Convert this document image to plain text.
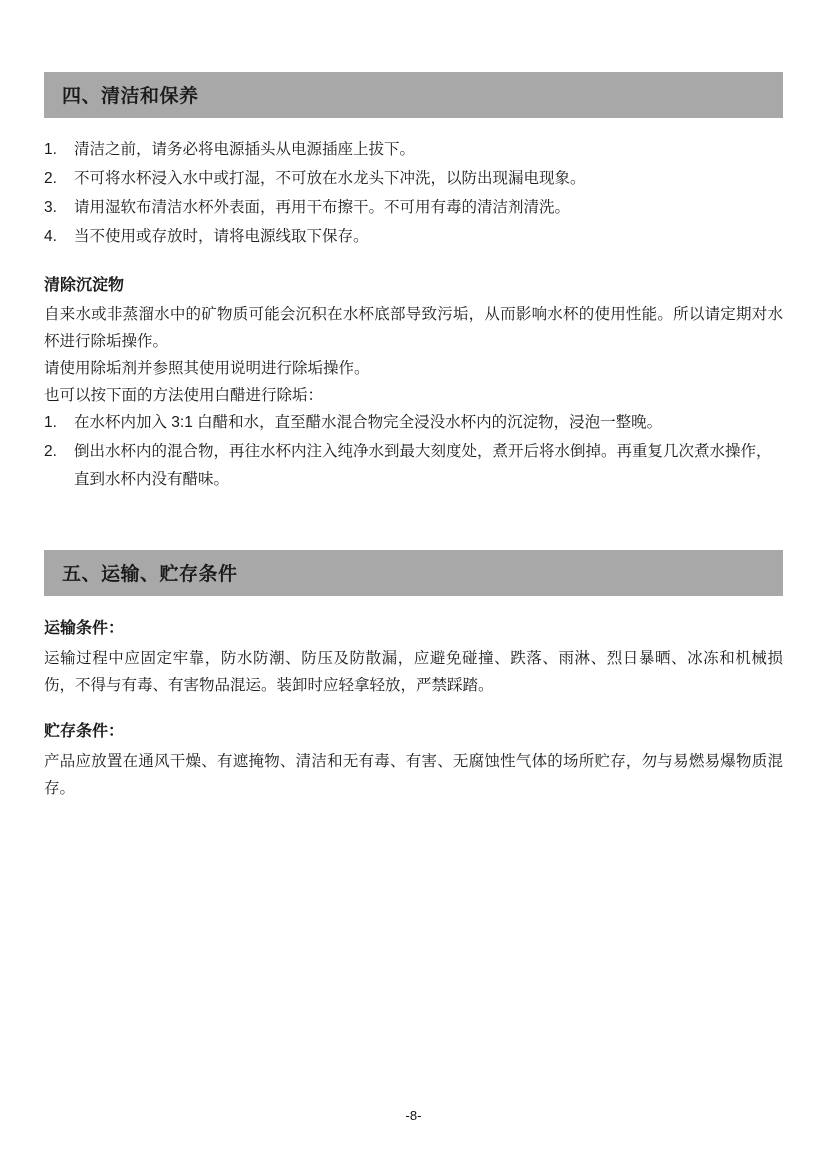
四、清洁和保养
1.	清洁之前，请务必将电源插头从电源插座上拔下。
2.	不可将水杯浸入水中或打湿，不可放在水龙头下冲洗，以防出现漏电现象。
3.	请用湿软布清洁水杯外表面，再用干布擦干。不可用有毒的清洁剂清洗。
4.	当不使用或存放时，请将电源线取下保存。
清除沉淀物

自来水或非蒸溜水中的矿物质可能会沉积在水杯底部导致污垢，从而影响水杯的使用性能。所以请定期对水杯进行除垢操作。

请使用除垢剂并参照其使用说明进行除垢操作。

也可以按下面的方法使用白醋进行除垢：

1.	在水杯内加入 3:1 白醋和水，直至醋水混合物完全浸没水杯内的沉淀物，浸泡一整晚。
2.	倒出水杯内的混合物，再往水杯内注入纯净水到最大刻度处，煮开后将水倒掉。再重复几次煮水操作，直到水杯内没有醋味。
五、运输、贮存条件
运输条件：

运输过程中应固定牢靠，防水防潮、防压及防散漏，应避免碰撞、跌落、雨淋、烈日暴晒、冰冻和机械损伤，不得与有毒、有害物品混运。装卸时应轻拿轻放，严禁踩踏。

贮存条件：

产品应放置在通风干燥、有遮掩物、清洁和无有毒、有害、无腐蚀性气体的场所贮存，勿与易燃易爆物质混存。

-8-
